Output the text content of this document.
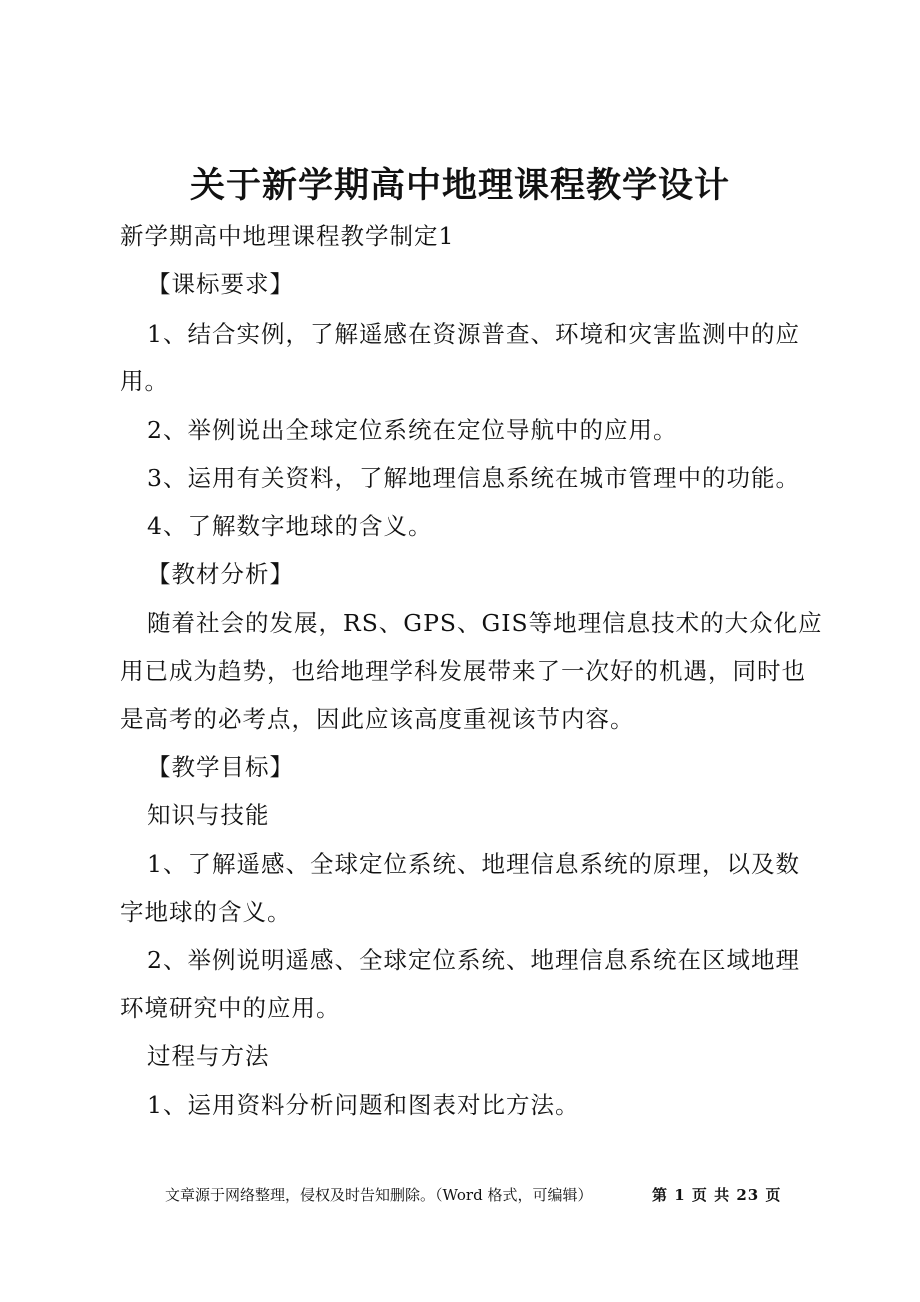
关于新学期高中地理课程教学设计
新学期高中地理课程教学制定1
【课标要求】
1、结合实例，了解遥感在资源普查、环境和灾害监测中的应
用。
2、举例说出全球定位系统在定位导航中的应用。
3、运用有关资料，了解地理信息系统在城市管理中的功能。
4、了解数字地球的含义。
【教材分析】
随着社会的发展，RS、GPS、GIS等地理信息技术的大众化应
用已成为趋势，也给地理学科发展带来了一次好的机遇，同时也
是高考的必考点，因此应该高度重视该节内容。
【教学目标】
知识与技能
1、了解遥感、全球定位系统、地理信息系统的原理，以及数
字地球的含义。
2、举例说明遥感、全球定位系统、地理信息系统在区域地理
环境研究中的应用。
过程与方法
1、运用资料分析问题和图表对比方法。
文章源于网络整理，侵权及时告知删除。（Word 格式，可编辑）	第 1 页 共 23 页
